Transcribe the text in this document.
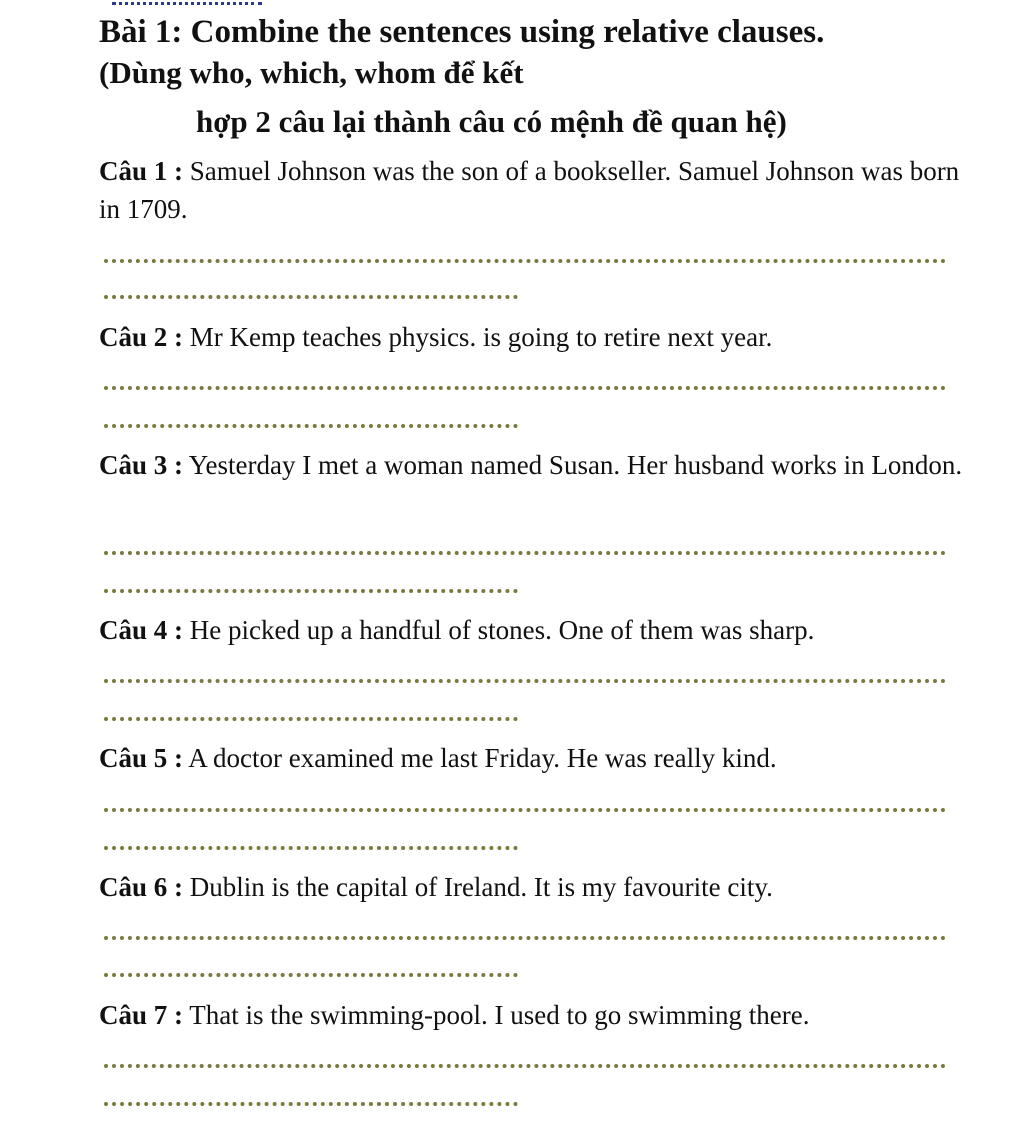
Bài 1: Combine the sentences using relative clauses.
(Dùng who, which, whom để kết
hợp 2 câu lại thành câu có mệnh đề quan hệ)
Câu 1 : Samuel Johnson was the son of a bookseller. Samuel Johnson was born in 1709.
Câu 2 : Mr Kemp teaches physics. is going to retire next year.
Câu 3 : Yesterday I met a woman named Susan. Her husband works in London.
Câu 4 : He picked up a handful of stones. One of them was sharp.
Câu 5 : A doctor examined me last Friday. He was really kind.
Câu 6 : Dublin is the capital of Ireland. It is my favourite city.
Câu 7 : That is the swimming-pool. I used to go swimming there.
